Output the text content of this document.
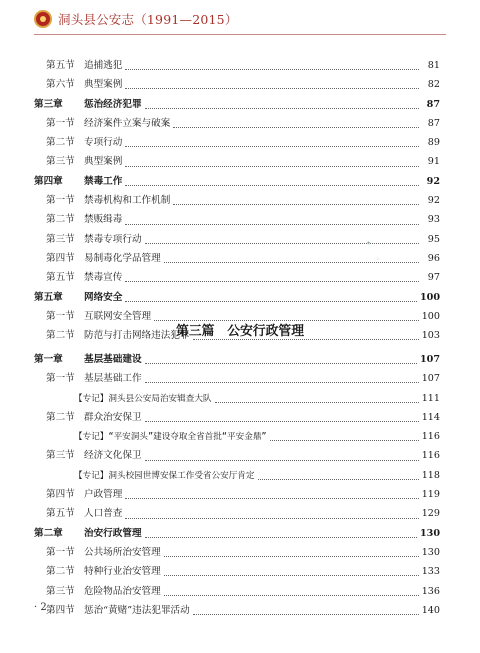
洞头县公安志（1991—2015）
第五节 追捕逃犯	81
第六节 典型案例	82
第三章 惩治经济犯罪	87
第一节 经济案件立案与破案	87
第二节 专项行动	89
第三节 典型案例	91
第四章 禁毒工作	92
第一节 禁毒机构和工作机制	92
第二节 禁贩缉毒	93
第三节 禁毒专项行动	95
第四节 易制毒化学品管理	96
第五节 禁毒宣传	97
第五章 网络安全	100
第一节 互联网安全管理	100
第二节 防范与打击网络违法犯罪	103
第三篇　公安行政管理
第一章 基层基础建设	107
第一节 基层基础工作	107
【专记】洞头县公安局治安辑查大队	111
第二节 群众治安保卫	114
【专记】“平安洞头”建设夺取全省首批“平安金鼎”	116
第三节 经济文化保卫	116
【专记】洞头校园世博安保工作受省公安厅肯定	118
第四节 户政管理	119
第五节 人口普查	129
第二章 治安行政管理	130
第一节 公共场所治安管理	130
第二节 特种行业治安管理	133
第三节 危险物品治安管理	136
第四节 惩治“黄赌”违法犯罪活动	140
· 2 ·
✦
◦
